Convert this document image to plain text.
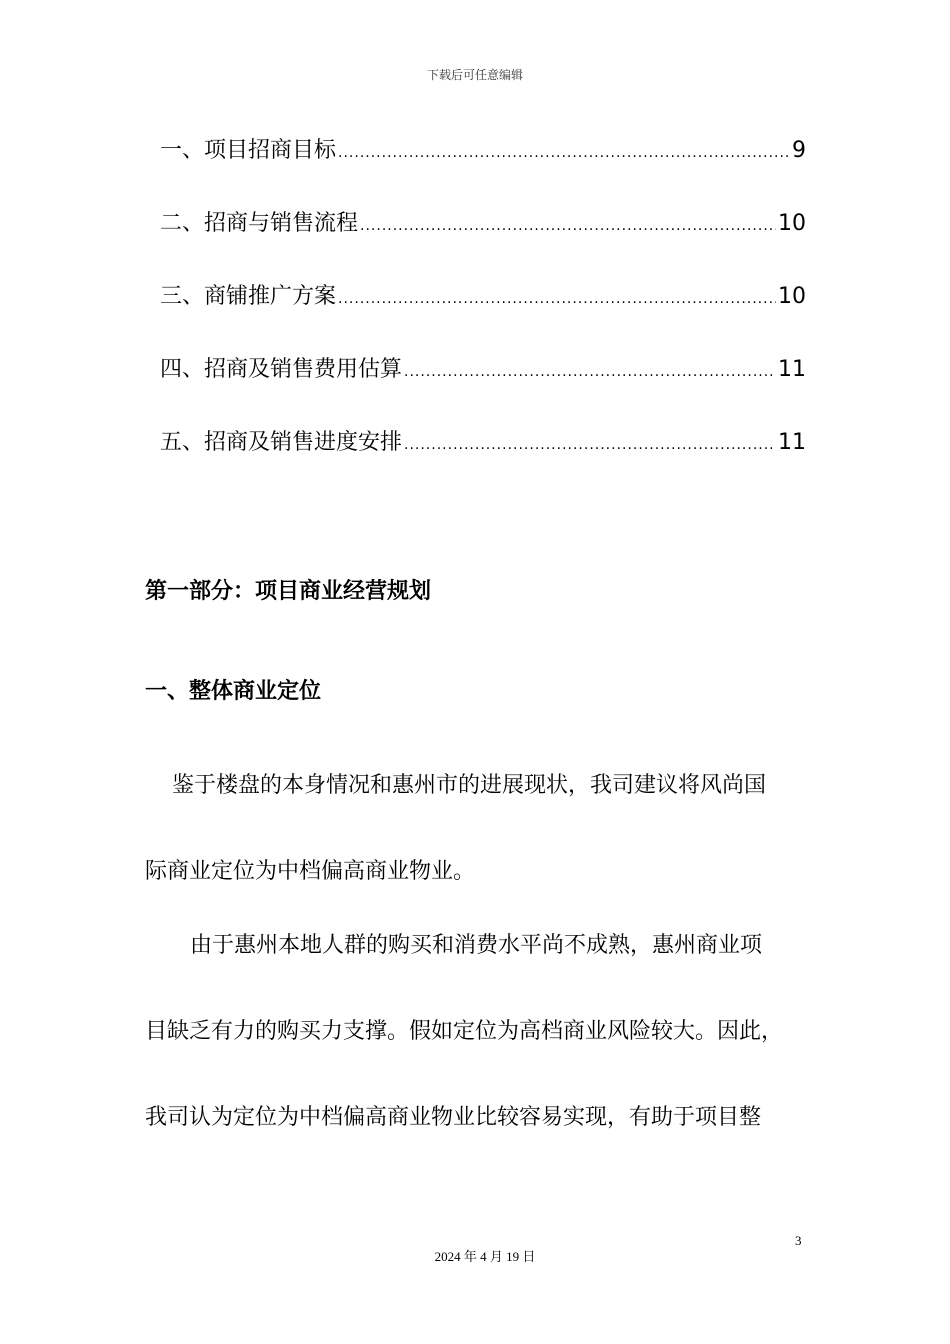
下载后可任意编辑
一、项目招商目标 .....	9
二、招商与销售流程 .....	10
三、商铺推广方案 .....	10
四、招商及销售费用估算 .....	11
五、招商及销售进度安排 .....	11
第一部分：项目商业经营规划
一、整体商业定位
鉴于楼盘的本身情况和惠州市的进展现状，我司建议将风尚国
际商业定位为中档偏高商业物业。
由于惠州本地人群的购买和消费水平尚不成熟，惠州商业项
目缺乏有力的购买力支撑。假如定位为高档商业风险较大。因此，
我司认为定位为中档偏高商业物业比较容易实现，有助于项目整
3
2024 年 4 月 19 日
